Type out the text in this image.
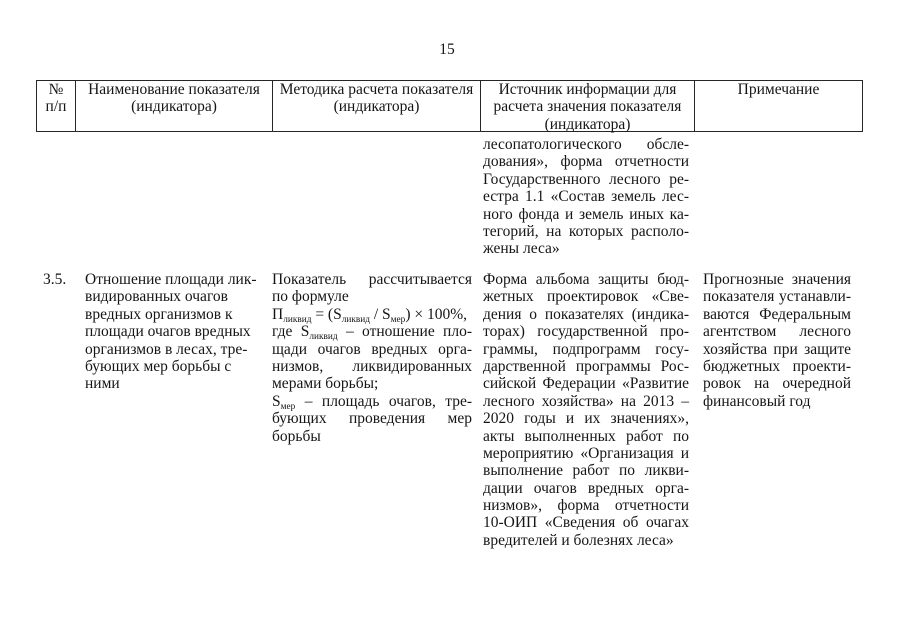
15
№
п/п
Наименование показателя
(индикатора)
Методика расчета показателя
(индикатора)
Источник информации для
расчета значения показателя
(индикатора)
Примечание
лесопатологического обсле-
дования», форма отчетности
Государственного лесного ре-
естра 1.1 «Состав земель лес-
ного фонда и земель иных ка-
тегорий, на которых располо-
жены леса»
3.5.	Отношение площади лик-
видированных очагов
вредных организмов к
площади очагов вредных
организмов в лесах, тре-
бующих мер борьбы с
ними
Показатель рассчитывается
по формуле
Пликвид = (Sликвид / Sмер) × 100%,
где Sликвид – отношение пло-
щади очагов вредных орга-
низмов, ликвидированных
мерами борьбы;
Sмер – площадь очагов, тре-
бующих проведения мер
борьбы
Форма альбома защиты бюд-
жетных проектировок «Све-
дения о показателях (индика-
торах) государственной про-
граммы, подпрограмм госу-
дарственной программы Рос-
сийской Федерации «Развитие
лесного хозяйства» на 2013 –
2020 годы и их значениях»,
акты выполненных работ по
мероприятию «Организация и
выполнение работ по ликви-
дации очагов вредных орга-
низмов», форма отчетности
10-ОИП «Сведения об очагах
вредителей и болезнях леса»
Прогнозные значения
показателя устанавли-
ваются Федеральным
агентством лесного
хозяйства при защите
бюджетных проекти-
ровок на очередной
финансовый год
